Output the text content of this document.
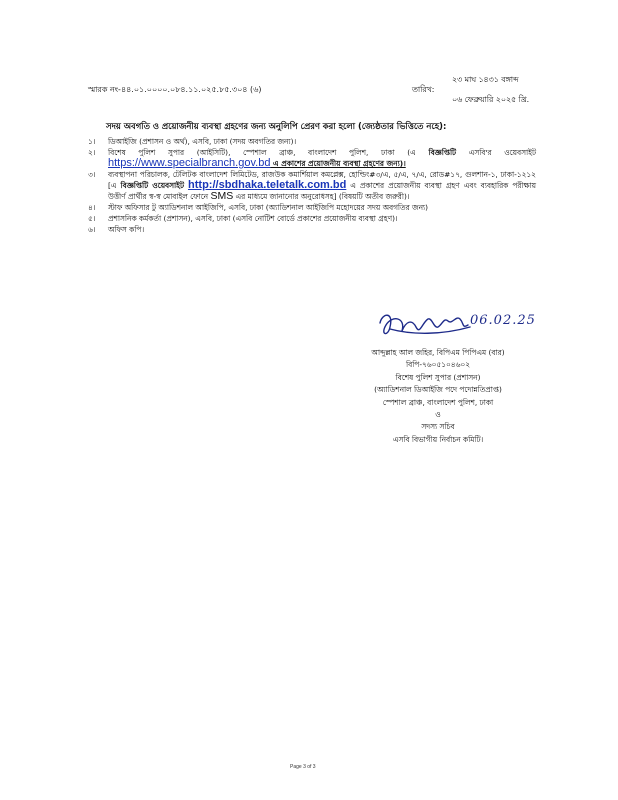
স্মারক নং-৪৪.০১.০০০০.০৮৪.১১.০২৫.৮৫.৩০৪ (৬)	তারিখ:
২৩ মাঘ ১৪৩১ বঙ্গাব্দ
০৬ ফেব্রুয়ারি ২০২৫ খ্রি.
সদয় অবগতি ও প্রয়োজনীয় ব্যবস্থা গ্রহণের জন্য অনুলিপি প্রেরণ করা হলো (জ্যেষ্ঠতার ভিত্তিতে নহে):
১। ডিআইজি (প্রশাসন ও অর্থ), এসবি, ঢাকা (সদয় অবগতির জন্য)।
২। বিশেষ পুলিশ সুপার (আইসিটি), স্পেশাল ব্রাঞ্চ, বাংলাদেশ পুলিশ, ঢাকা (এ বিজ্ঞপ্তিটি এসবি'র ওয়েবসাইট https://www.specialbranch.gov.bd এ প্রকাশের প্রয়োজনীয় ব্যবস্থা গ্রহণের জন্য)।
৩। ব্যবস্থাপনা পরিচালক, টেলিটক বাংলাদেশ লিমিটেড, রাজউক কমার্শিয়াল কমপ্লেক্স, হোল্ডিং#৩/এ, ৫/এ, ৭/এ, রোড#১৭, গুলশান-১, ঢাকা-১২১২ [এ বিজ্ঞপ্তিটি ওয়েবসাইট http://sbdhaka.teletalk.com.bd এ প্রকাশের প্রয়োজনীয় ব্যবস্থা গ্রহণ এবং ব্যবহারিক পরীক্ষায় উত্তীর্ণ প্রার্থীর স্ব-স্ব মোবাইল ফোনে SMS এর মাধ্যমে জানানোর অনুরোধসহ] (বিষয়টি অতীব জরুরী)।
৪। স্টাফ অফিসার টু অ্যাডিশনাল আইজিপি, এসবি, ঢাকা (অ্যাডিশনাল আইজিপি মহোদয়ের সদয় অবগতির জন্য)
৫। প্রশাসনিক কর্মকর্তা (প্রশাসন), এসবি, ঢাকা (এসবি নোটিশ বোর্ডে প্রকাশের প্রয়োজনীয় ব্যবস্থা গ্রহণ)।
৬। অফিস কপি।
06.02.25
আব্দুল্লাহ আল জহির, বিপিএম পিপিএম (বার)
বিপি-৭৬০৫১০৪৬০২
বিশেষ পুলিশ সুপার (প্রশাসন)
(অ্যাডিশনাল ডিআইজি পদে পদোন্নতিপ্রাপ্ত)
স্পেশাল ব্রাঞ্চ, বাংলাদেশ পুলিশ, ঢাকা
ও
সদস্য সচিব
এসবি বিভাগীয় নির্বাচন কমিটি।
Page 3 of 3
